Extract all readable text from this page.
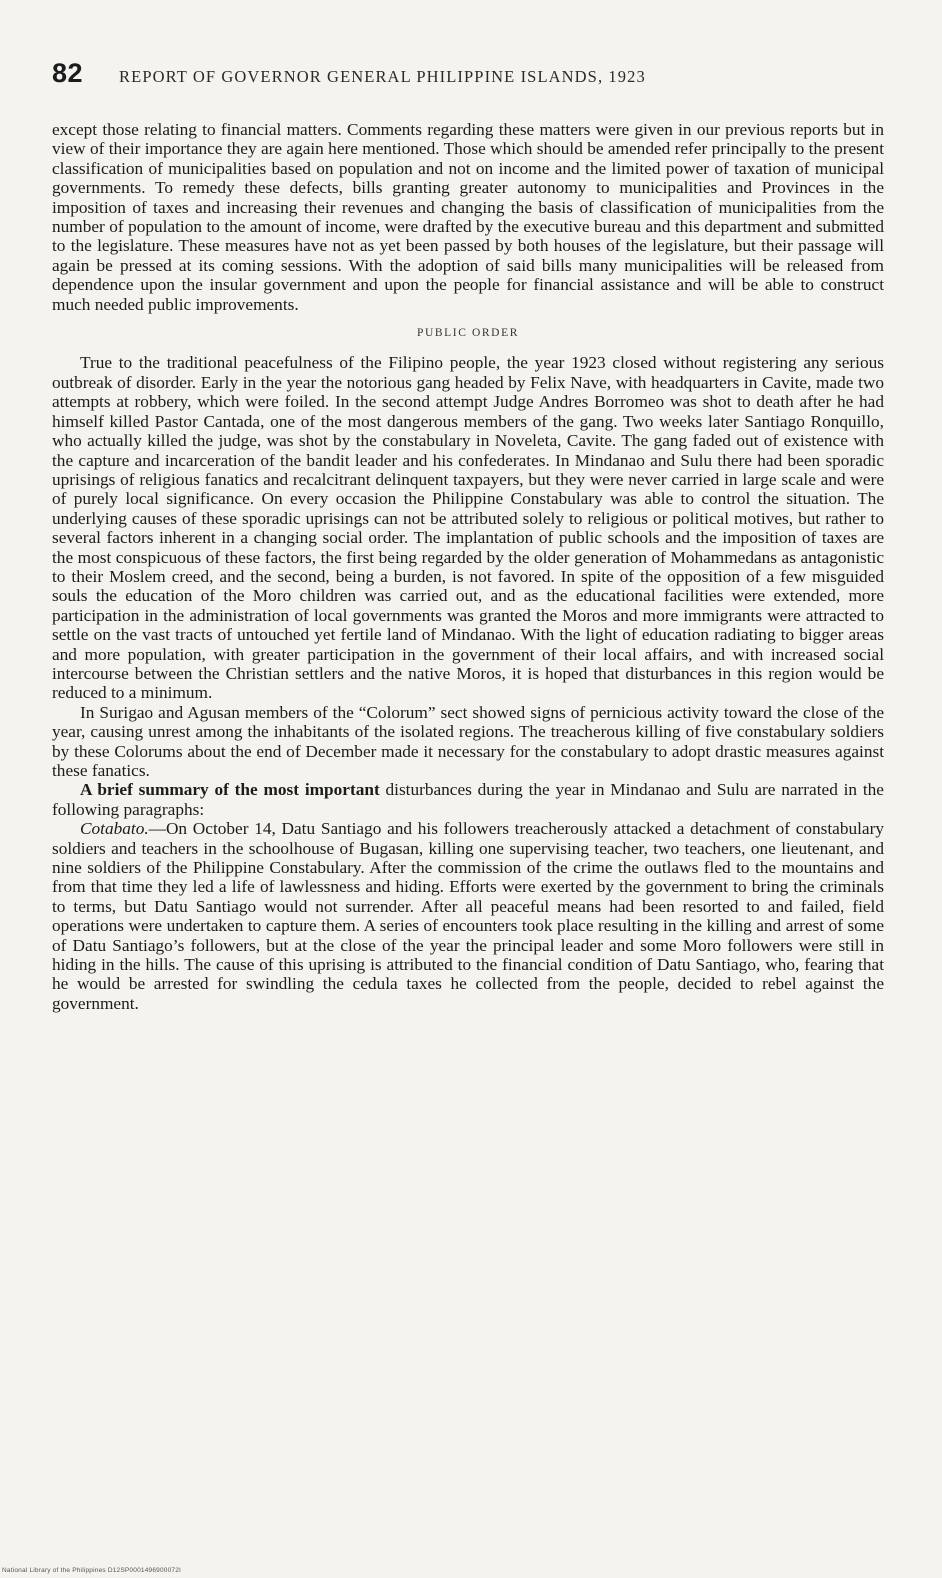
82 REPORT OF GOVERNOR GENERAL PHILIPPINE ISLANDS, 1923

except those relating to financial matters. Comments regarding these matters were given in our previous reports but in view of their importance they are again here mentioned. Those which should be amended refer principally to the present classification of municipalities based on population and not on income and the limited power of taxation of municipal governments. To remedy these defects, bills granting greater autonomy to municipalities and Provinces in the imposition of taxes and increasing their revenues and changing the basis of classification of municipalities from the number of population to the amount of income, were drafted by the executive bureau and this department and submitted to the legislature. These measures have not as yet been passed by both houses of the legislature, but their passage will again be pressed at its coming sessions. With the adoption of said bills many municipalities will be released from dependence upon the insular government and upon the people for financial assistance and will be able to construct much needed public improvements.

PUBLIC ORDER

True to the traditional peacefulness of the Filipino people, the year 1923 closed without registering any serious outbreak of disorder. Early in the year the notorious gang headed by Felix Nave, with headquarters in Cavite, made two attempts at robbery, which were foiled. In the second attempt Judge Andres Borromeo was shot to death after he had himself killed Pastor Cantada, one of the most dangerous members of the gang. Two weeks later Santiago Ronquillo, who actually killed the judge, was shot by the constabulary in Noveleta, Cavite. The gang faded out of existence with the capture and incarceration of the bandit leader and his confederates. In Mindanao and Sulu there had been sporadic uprisings of religious fanatics and recalcitrant delinquent taxpayers, but they were never carried in large scale and were of purely local significance. On every occasion the Philippine Constabulary was able to control the situation. The underlying causes of these sporadic uprisings can not be attributed solely to religious or political motives, but rather to several factors inherent in a changing social order. The implantation of public schools and the imposition of taxes are the most conspicuous of these factors, the first being regarded by the older generation of Mohammedans as antagonistic to their Moslem creed, and the second, being a burden, is not favored. In spite of the opposition of a few misguided souls the education of the Moro children was carried out, and as the educational facilities were extended, more participation in the administration of local governments was granted the Moros and more immigrants were attracted to settle on the vast tracts of untouched yet fertile land of Mindanao. With the light of education radiating to bigger areas and more population, with greater participation in the government of their local affairs, and with increased social intercourse between the Christian settlers and the native Moros, it is hoped that disturbances in this region would be reduced to a minimum.

In Surigao and Agusan members of the “Colorum” sect showed signs of pernicious activity toward the close of the year, causing unrest among the inhabitants of the isolated regions. The treacherous killing of five constabulary soldiers by these Colorums about the end of December made it necessary for the constabulary to adopt drastic measures against these fanatics.

A brief summary of the most important disturbances during the year in Mindanao and Sulu are narrated in the following paragraphs:

Cotabato.—On October 14, Datu Santiago and his followers treacherously attacked a detachment of constabulary soldiers and teachers in the schoolhouse of Bugasan, killing one supervising teacher, two teachers, one lieutenant, and nine soldiers of the Philippine Constabulary. After the commission of the crime the outlaws fled to the mountains and from that time they led a life of lawlessness and hiding. Efforts were exerted by the government to bring the criminals to terms, but Datu Santiago would not surrender. After all peaceful means had been resorted to and failed, field operations were undertaken to capture them. A series of encounters took place resulting in the killing and arrest of some of Datu Santiago’s followers, but at the close of the year the principal leader and some Moro followers were still in hiding in the hills. The cause of this uprising is attributed to the financial condition of Datu Santiago, who, fearing that he would be arrested for swindling the cedula taxes he collected from the people, decided to rebel against the government.

National Library of the Philippines D12SP0001496900072I
